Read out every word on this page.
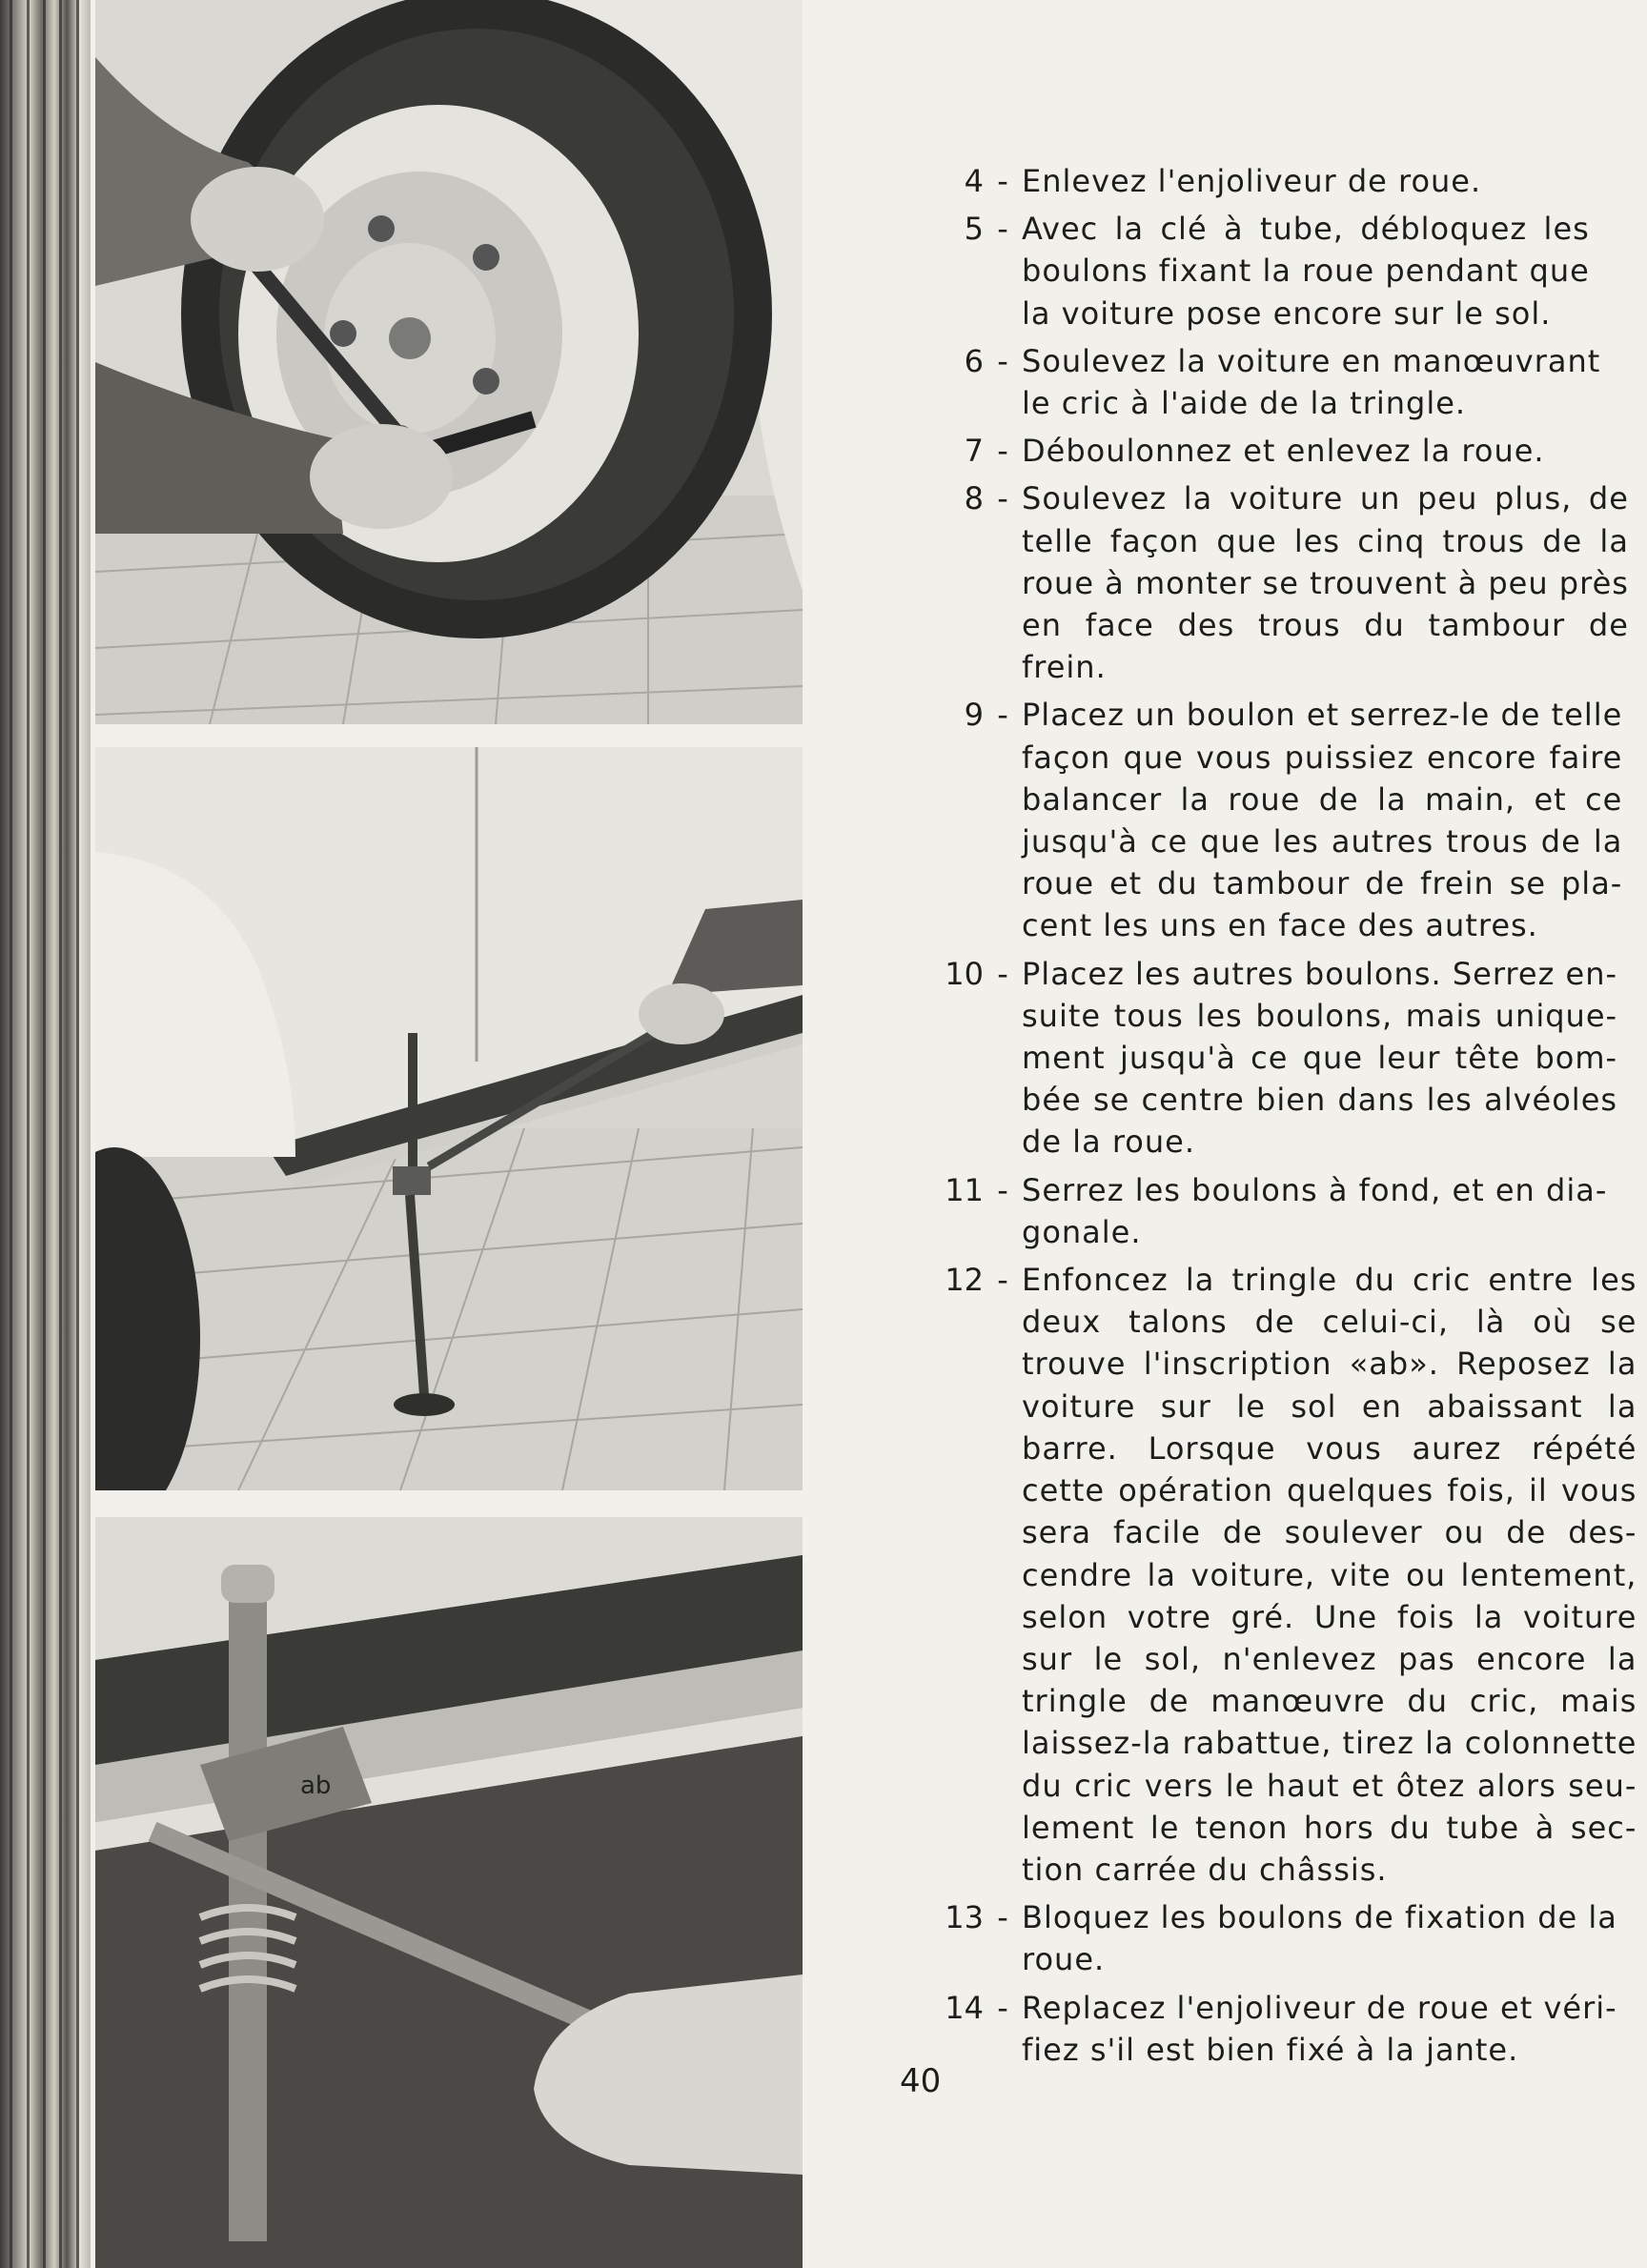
ab
4 - Enlevez l'enjoliveur de roue.
5 - Avec la clé à tube, débloquez les
boulons fixant la roue pendant que
la voiture pose encore sur le sol.
6 - Soulevez la voiture en manœuvrant
le cric à l'aide de la tringle.
7 - Déboulonnez et enlevez la roue.
8 - Soulevez la voiture un peu plus, de
telle façon que les cinq trous de la
roue à monter se trouvent à peu près
en face des trous du tambour de
frein.
9 - Placez un boulon et serrez-le de telle
façon que vous puissiez encore faire
balancer la roue de la main, et ce
jusqu'à ce que les autres trous de la
roue et du tambour de frein se pla-
cent les uns en face des autres.
10 - Placez les autres boulons. Serrez en-
suite tous les boulons, mais unique-
ment jusqu'à ce que leur tête bom-
bée se centre bien dans les alvéoles
de la roue.
11 - Serrez les boulons à fond, et en dia-
gonale.
12 - Enfoncez la tringle du cric entre les
deux talons de celui-ci, là où se
trouve l'inscription «ab». Reposez la
voiture sur le sol en abaissant la
barre. Lorsque vous aurez répété
cette opération quelques fois, il vous
sera facile de soulever ou de des-
cendre la voiture, vite ou lentement,
selon votre gré. Une fois la voiture
sur le sol, n'enlevez pas encore la
tringle de manœuvre du cric, mais
laissez-la rabattue, tirez la colonnette
du cric vers le haut et ôtez alors seu-
lement le tenon hors du tube à sec-
tion carrée du châssis.
13 - Bloquez les boulons de fixation de la
roue.
14 - Replacez l'enjoliveur de roue et véri-
fiez s'il est bien fixé à la jante.
40
